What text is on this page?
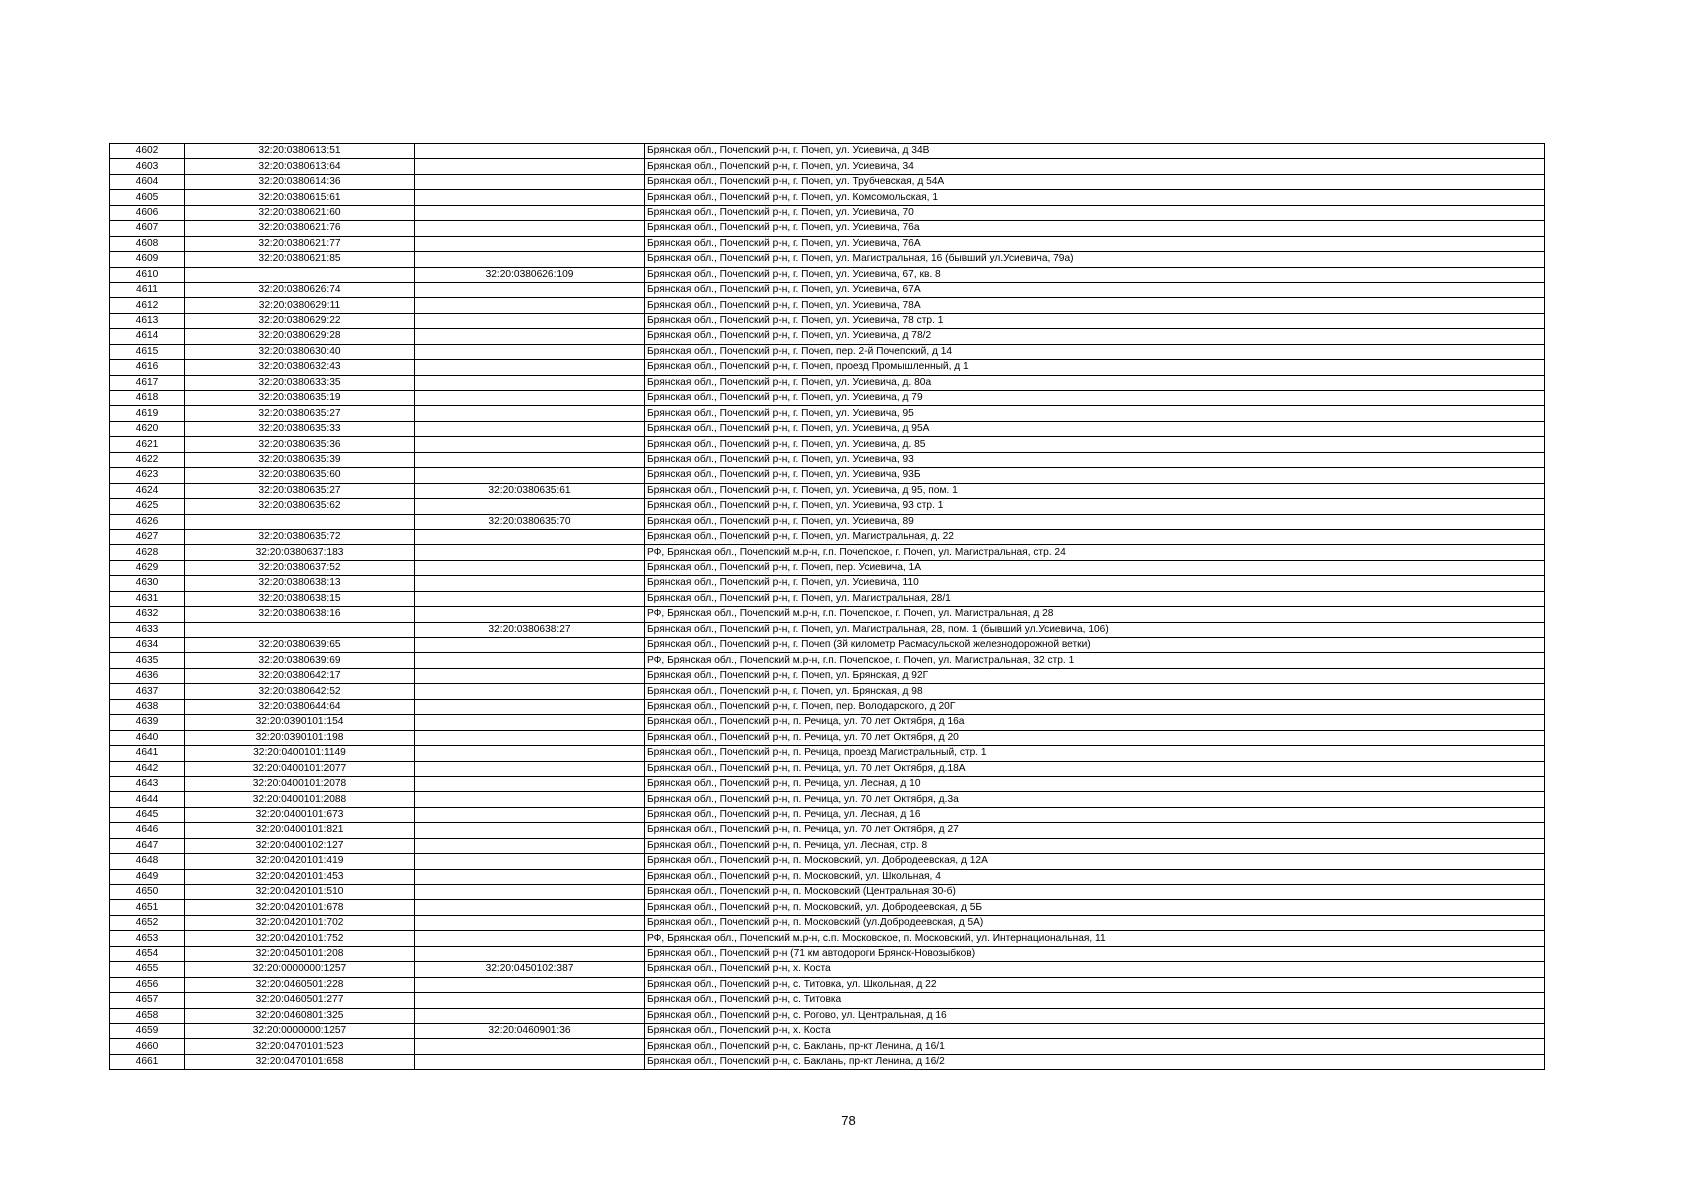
4602	32:20:0380613:51		Брянская обл., Почепский р-н, г. Почеп, ул. Усиевича, д 34В
4603	32:20:0380613:64		Брянская обл., Почепский р-н, г. Почеп, ул. Усиевича, 34
4604	32:20:0380614:36		Брянская обл., Почепский р-н, г. Почеп, ул. Трубчевская, д 54А
4605	32:20:0380615:61		Брянская обл., Почепский р-н, г. Почеп, ул. Комсомольская, 1
4606	32:20:0380621:60		Брянская обл., Почепский р-н, г. Почеп, ул. Усиевича, 70
4607	32:20:0380621:76		Брянская обл., Почепский р-н, г. Почеп, ул. Усиевича, 76а
4608	32:20:0380621:77		Брянская обл., Почепский р-н, г. Почеп, ул. Усиевича, 76А
4609	32:20:0380621:85		Брянская обл., Почепский р-н, г. Почеп, ул. Магистральная, 16 (бывший ул.Усиевича, 79а)
4610		32:20:0380626:109	Брянская обл., Почепский р-н, г. Почеп, ул. Усиевича, 67, кв. 8
4611	32:20:0380626:74		Брянская обл., Почепский р-н, г. Почеп, ул. Усиевича, 67А
4612	32:20:0380629:11		Брянская обл., Почепский р-н, г. Почеп, ул. Усиевича, 78А
4613	32:20:0380629:22		Брянская обл., Почепский р-н, г. Почеп, ул. Усиевича, 78 стр. 1
4614	32:20:0380629:28		Брянская обл., Почепский р-н, г. Почеп, ул. Усиевича, д 78/2
4615	32:20:0380630:40		Брянская обл., Почепский р-н, г. Почеп, пер. 2-й Почепский, д 14
4616	32:20:0380632:43		Брянская обл., Почепский р-н, г. Почеп, проезд Промышленный, д 1
4617	32:20:0380633:35		Брянская обл., Почепский р-н, г. Почеп, ул. Усиевича, д. 80а
4618	32:20:0380635:19		Брянская обл., Почепский р-н, г. Почеп, ул. Усиевича, д 79
4619	32:20:0380635:27		Брянская обл., Почепский р-н, г. Почеп, ул. Усиевича, 95
4620	32:20:0380635:33		Брянская обл., Почепский р-н, г. Почеп, ул. Усиевича, д 95А
4621	32:20:0380635:36		Брянская обл., Почепский р-н, г. Почеп, ул. Усиевича, д. 85
4622	32:20:0380635:39		Брянская обл., Почепский р-н, г. Почеп, ул. Усиевича, 93
4623	32:20:0380635:60		Брянская обл., Почепский р-н, г. Почеп, ул. Усиевича, 93Б
4624	32:20:0380635:27	32:20:0380635:61	Брянская обл., Почепский р-н, г. Почеп, ул. Усиевича, д 95, пом. 1
4625	32:20:0380635:62		Брянская обл., Почепский р-н, г. Почеп, ул. Усиевича, 93 стр. 1
4626		32:20:0380635:70	Брянская обл., Почепский р-н, г. Почеп, ул. Усиевича, 89
4627	32:20:0380635:72		Брянская обл., Почепский р-н, г. Почеп, ул. Магистральная, д. 22
4628	32:20:0380637:183		РФ, Брянская обл., Почепский м.р-н, г.п. Почепское, г. Почеп, ул. Магистральная, стр. 24
4629	32:20:0380637:52		Брянская обл., Почепский р-н, г. Почеп, пер. Усиевича, 1А
4630	32:20:0380638:13		Брянская обл., Почепский р-н, г. Почеп, ул. Усиевича, 110
4631	32:20:0380638:15		Брянская обл., Почепский р-н, г. Почеп, ул. Магистральная, 28/1
4632	32:20:0380638:16		РФ, Брянская обл., Почепский м.р-н, г.п. Почепское, г. Почеп, ул. Магистральная, д 28
4633		32:20:0380638:27	Брянская обл., Почепский р-н, г. Почеп, ул. Магистральная, 28, пом. 1 (бывший ул.Усиевича, 106)
4634	32:20:0380639:65		Брянская обл., Почепский р-н, г. Почеп (3й километр Расмасульской железнодорожной ветки)
4635	32:20:0380639:69		РФ, Брянская обл., Почепский м.р-н, г.п. Почепское, г. Почеп, ул. Магистральная, 32 стр. 1
4636	32:20:0380642:17		Брянская обл., Почепский р-н, г. Почеп, ул. Брянская, д 92Г
4637	32:20:0380642:52		Брянская обл., Почепский р-н, г. Почеп, ул. Брянская, д 98
4638	32:20:0380644:64		Брянская обл., Почепский р-н, г. Почеп, пер. Володарского, д 20Г
4639	32:20:0390101:154		Брянская обл., Почепский р-н, п. Речица, ул. 70 лет Октября, д 16а
4640	32:20:0390101:198		Брянская обл., Почепский р-н, п. Речица, ул. 70 лет Октября, д 20
4641	32:20:0400101:1149		Брянская обл., Почепский р-н, п. Речица, проезд Магистральный, стр. 1
4642	32:20:0400101:2077		Брянская обл., Почепский р-н, п. Речица, ул. 70 лет Октября, д.18А
4643	32:20:0400101:2078		Брянская обл., Почепский р-н, п. Речица, ул. Лесная, д 10
4644	32:20:0400101:2088		Брянская обл., Почепский р-н, п. Речица, ул. 70 лет Октября, д.3а
4645	32:20:0400101:673		Брянская обл., Почепский р-н, п. Речица, ул. Лесная, д 16
4646	32:20:0400101:821		Брянская обл., Почепский р-н, п. Речица, ул. 70 лет Октября, д 27
4647	32:20:0400102:127		Брянская обл., Почепский р-н, п. Речица, ул. Лесная, стр. 8
4648	32:20:0420101:419		Брянская обл., Почепский р-н, п. Московский, ул. Добродеевская, д 12А
4649	32:20:0420101:453		Брянская обл., Почепский р-н, п. Московский, ул. Школьная, 4
4650	32:20:0420101:510		Брянская обл., Почепский р-н, п. Московский (Центральная 30-б)
4651	32:20:0420101:678		Брянская обл., Почепский р-н, п. Московский, ул. Добродеевская, д 5Б
4652	32:20:0420101:702		Брянская обл., Почепский р-н, п. Московский (ул.Добродеевская, д 5А)
4653	32:20:0420101:752		РФ, Брянская обл., Почепский м.р-н, с.п. Московское, п. Московский, ул. Интернациональная, 11
4654	32:20:0450101:208		Брянская обл., Почепский р-н (71 км автодороги Брянск-Новозыбков)
4655	32:20:0000000:1257	32:20:0450102:387	Брянская обл., Почепский р-н, х. Коста
4656	32:20:0460501:228		Брянская обл., Почепский р-н, с. Титовка, ул. Школьная, д 22
4657	32:20:0460501:277		Брянская обл., Почепский р-н, с. Титовка
4658	32:20:0460801:325		Брянская обл., Почепский р-н, с. Рогово, ул. Центральная, д 16
4659	32:20:0000000:1257	32:20:0460901:36	Брянская обл., Почепский р-н, х. Коста
4660	32:20:0470101:523		Брянская обл., Почепский р-н, с. Баклань, пр-кт Ленина, д 16/1
4661	32:20:0470101:658		Брянская обл., Почепский р-н, с. Баклань, пр-кт Ленина, д 16/2
78
